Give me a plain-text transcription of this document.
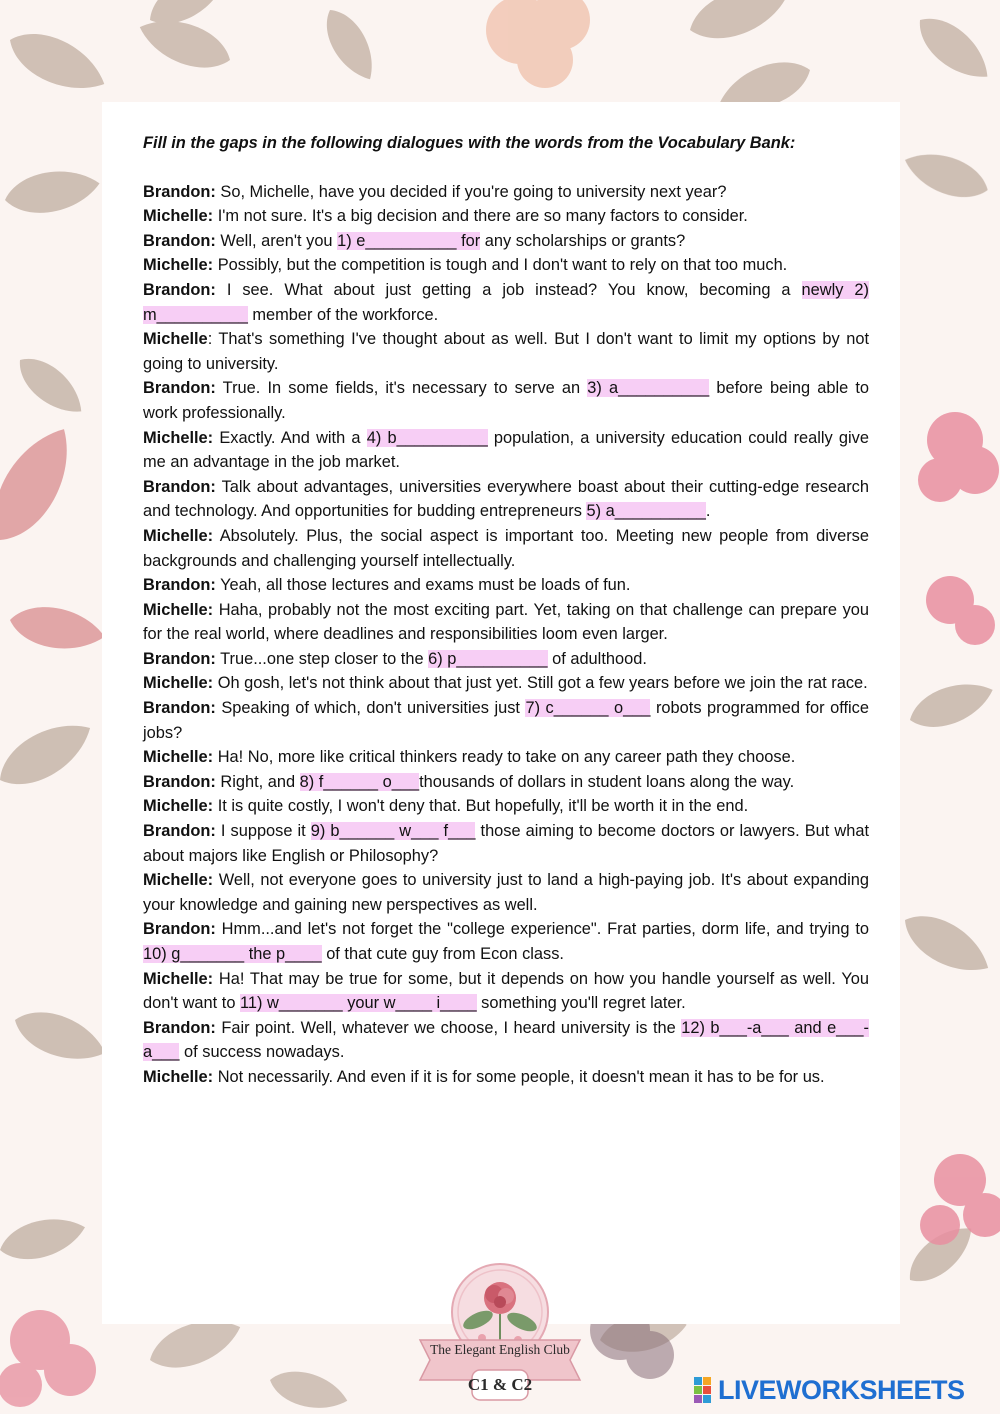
Fill in the gaps in the following dialogues with the words from the Vocabulary Bank:

Brandon: So, Michelle, have you decided if you're going to university next year?

Michelle: I'm not sure. It's a big decision and there are so many factors to consider.

Brandon: Well, aren't you 1) e__________ for any scholarships or grants?

Michelle: Possibly, but the competition is tough and I don't want to rely on that too much.

Brandon: I see. What about just getting a job instead? You know, becoming a newly 2) m__________ member of the workforce.

Michelle: That's something I've thought about as well. But I don't want to limit my options by not going to university.

Brandon: True. In some fields, it's necessary to serve an 3) a__________ before being able to work professionally.

Michelle: Exactly. And with a 4) b__________ population, a university education could really give me an advantage in the job market.

Brandon: Talk about advantages, universities everywhere boast about their cutting-edge research and technology. And opportunities for budding entrepreneurs 5) a__________.

Michelle: Absolutely. Plus, the social aspect is important too. Meeting new people from diverse backgrounds and challenging yourself intellectually.

Brandon: Yeah, all those lectures and exams must be loads of fun.

Michelle: Haha, probably not the most exciting part. Yet, taking on that challenge can prepare you for the real world, where deadlines and responsibilities loom even larger.

Brandon: True...one step closer to the 6) p__________ of adulthood.

Michelle: Oh gosh, let's not think about that just yet. Still got a few years before we join the rat race.

Brandon: Speaking of which, don't universities just 7) c______ o___ robots programmed for office jobs?

Michelle: Ha! No, more like critical thinkers ready to take on any career path they choose.

Brandon: Right, and 8) f______ o___thousands of dollars in student loans along the way.

Michelle: It is quite costly, I won't deny that. But hopefully, it'll be worth it in the end.

Brandon: I suppose it 9) b______ w___ f___ those aiming to become doctors or lawyers. But what about majors like English or Philosophy?

Michelle: Well, not everyone goes to university just to land a high-paying job. It's about expanding your knowledge and gaining new perspectives as well.

Brandon: Hmm...and let's not forget the "college experience". Frat parties, dorm life, and trying to 10) g_______ the p____ of that cute guy from Econ class.

Michelle: Ha! That may be true for some, but it depends on how you handle yourself as well. You don't want to 11) w_______ your w____ i____ something you'll regret later.

Brandon: Fair point. Well, whatever we choose, I heard university is the 12) b___-a___ and e___-a___ of success nowadays.

Michelle: Not necessarily. And even if it is for some people, it doesn't mean it has to be for us.

The Elegant English Club
C1 & C2	LIVEWORKSHEETS
